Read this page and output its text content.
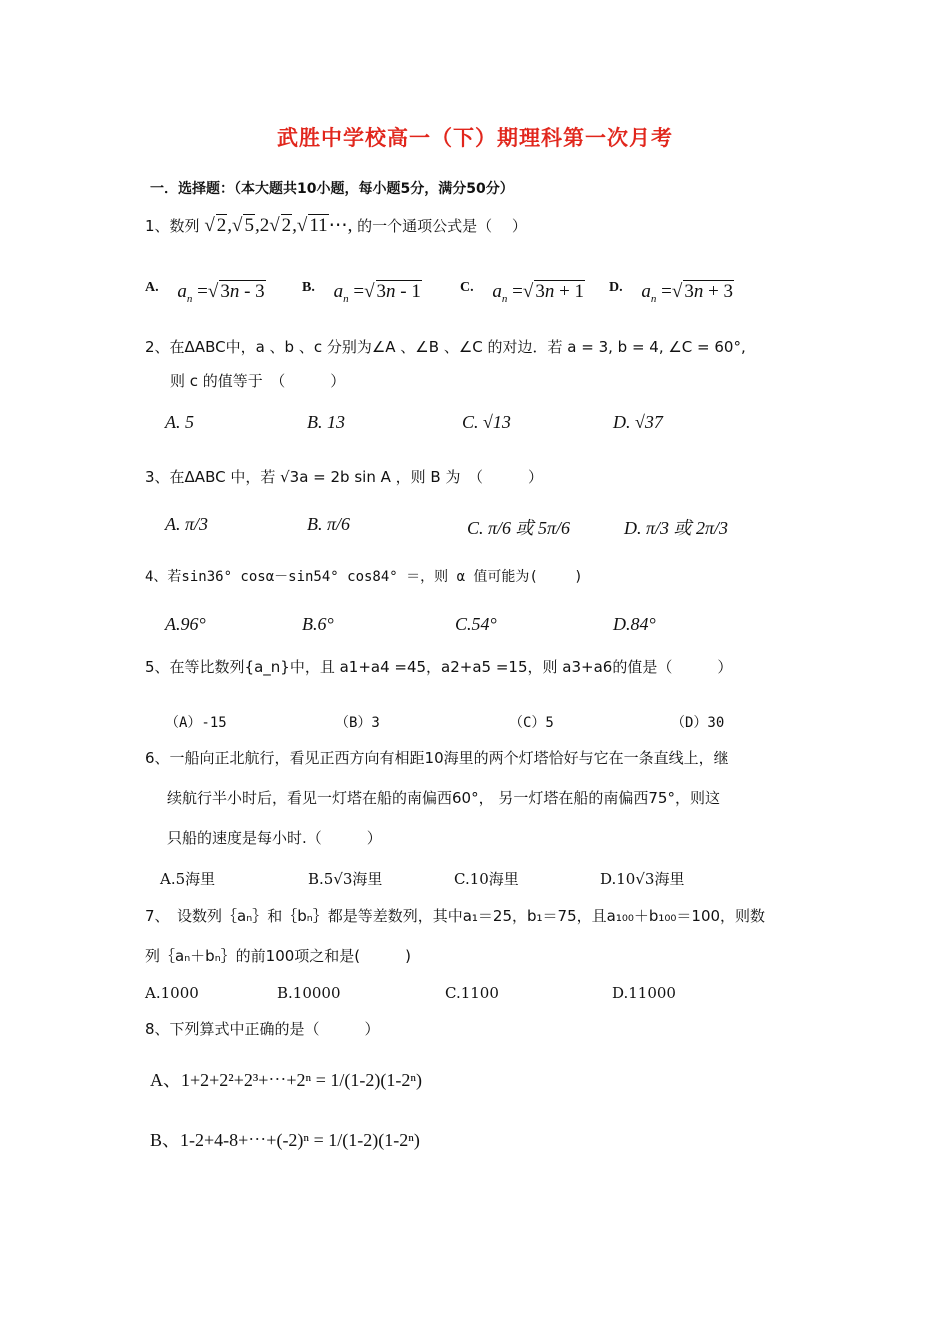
武胜中学校高一（下）期理科第一次月考
一．选择题：（本大题共10小题，每小题5分，满分50分）
1、数列 √ 2,√ 5,2√ 2,√ 11⋯, 的一个通项公式是（　 ）
A. $a_n$ =√ 3n - 3	B. $a_n$ =√ 3n - 1	C. $a_n$ =√ 3n + 1 D. $a_n$ =√ 3n + 3
2、在ΔABC中，a 、b 、c 分别为∠A 、∠B 、∠C 的对边．若 a = 3, b = 4, ∠C = 60°,
则 c 的值等于　（　　　）
A. 5	B. 13	C. √13	D. √37
3、在ΔABC 中，若 √3a = 2b sin A ，则 B 为　（　　　）
A. π/3	B. π/6	C. π/6 或 5π/6	D. π/3 或 2π/3
4、若sin36° cosα－sin54° cos84° ＝，则 α 值可能为(　　 )
A.96°	B.6°	C.54°	D.84°
5、在等比数列{a_n}中，且 a1+a4 =45，a2+a5 =15，则 a3+a6的值是（　　　）
（A）-15	（B）3	（C）5	（D）30
6、一船向正北航行，看见正西方向有相距10海里的两个灯塔恰好与它在一条直线上，继
续航行半小时后，看见一灯塔在船的南偏西60°， 另一灯塔在船的南偏西75°，则这
只船的速度是每小时.（　　　）
A.5海里	B.5√3海里	C.10海里	D.10√3海里
7、　设数列｛aₙ｝和｛bₙ｝都是等差数列，其中a₁＝25，b₁＝75，且a₁₀₀＋b₁₀₀＝100，则数
列｛aₙ＋bₙ｝的前100项之和是(　　　)
A.1000	B.10000	C.1100	D.11000
8、下列算式中正确的是（　　　）
A、1+2+2²+2³+⋯+2ⁿ = 1/(1-2)(1-2ⁿ)
B、1-2+4-8+⋯+(-2)ⁿ = 1/(1-2)(1-2ⁿ)
